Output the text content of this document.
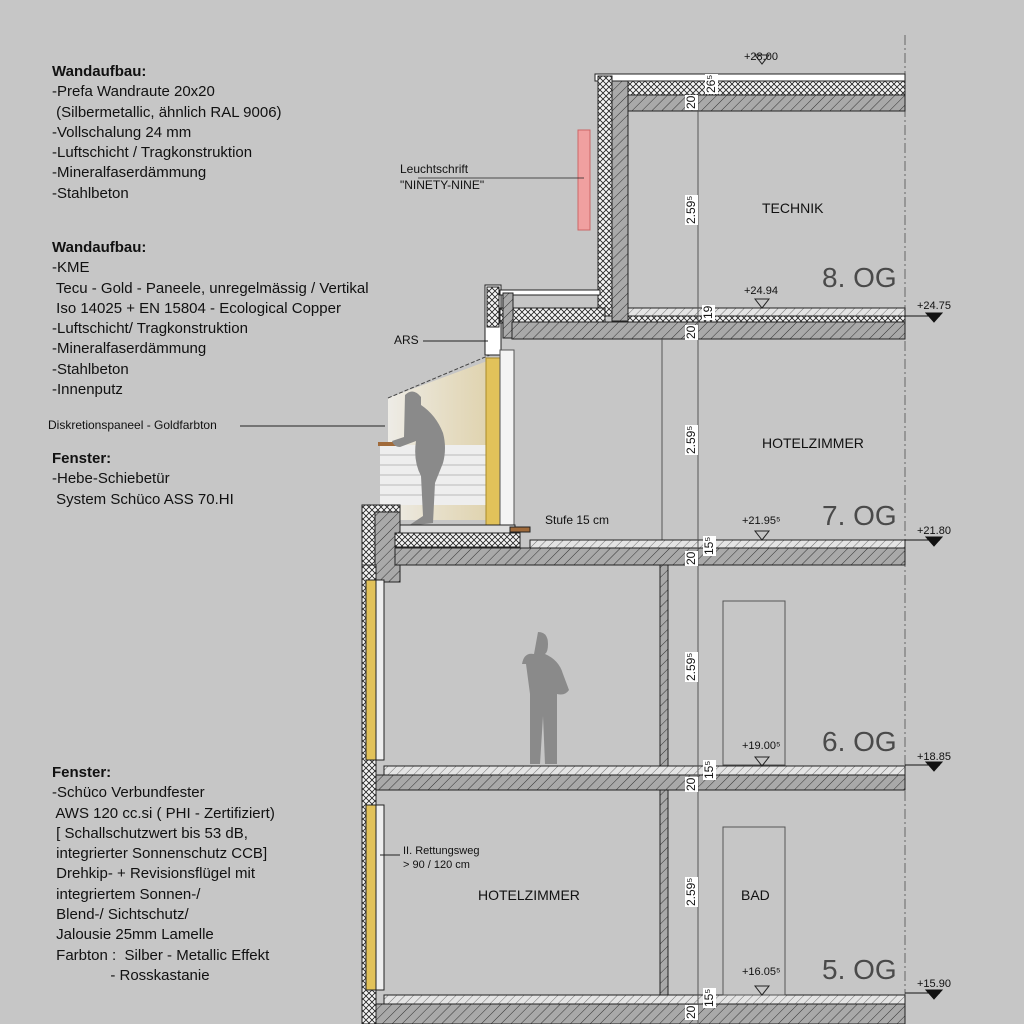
Wandaufbau:
-Prefa Wandraute 20x20
(Silbermetallic, ähnlich RAL 9006)
-Vollschalung 24 mm
-Luftschicht / Tragkonstruktion
-Mineralfaserdämmung
-Stahlbeton
Wandaufbau:
-KME
Tecu - Gold - Paneele, unregelmässig / Vertikal
Iso 14025 + EN 15804 - Ecological Copper
-Luftschicht/ Tragkonstruktion
-Mineralfaserdämmung
-Stahlbeton
-Innenputz
Fenster:
-Hebe-Schiebetür
System Schüco ASS 70.HI
Fenster:
-Schüco Verbundfester
AWS 120 cc.si ( PHI - Zertifiziert)
[ Schallschutzwert bis 53 dB,
integrierter Sonnenschutz CCB]
Drehkip- + Revisionsflügel mit
integriertem Sonnen-/
Blend-/ Sichtschutz/
Jalousie 25mm Lamelle
Farbton :  Silber - Metallic Effekt
- Rosskastanie
Leuchtschrift
"NINETY-NINE"
ARS
Diskretionspaneel - Goldfarbton
Stufe 15 cm
II. Rettungsweg
> 90 / 120 cm
TECHNIK
HOTELZIMMER
HOTELZIMMER	BAD
8. OG
7. OG
6. OG
5. OG
+28.00
+24.94
+21.95⁵
+19.00⁵
+16.05⁵
+24.75
+21.80
+18.85
+15.90
26⁵
20
2.59⁵
19
20
2.59⁵
15⁵
20
2.59⁵
15⁵
20
2.59⁵
15⁵
20
